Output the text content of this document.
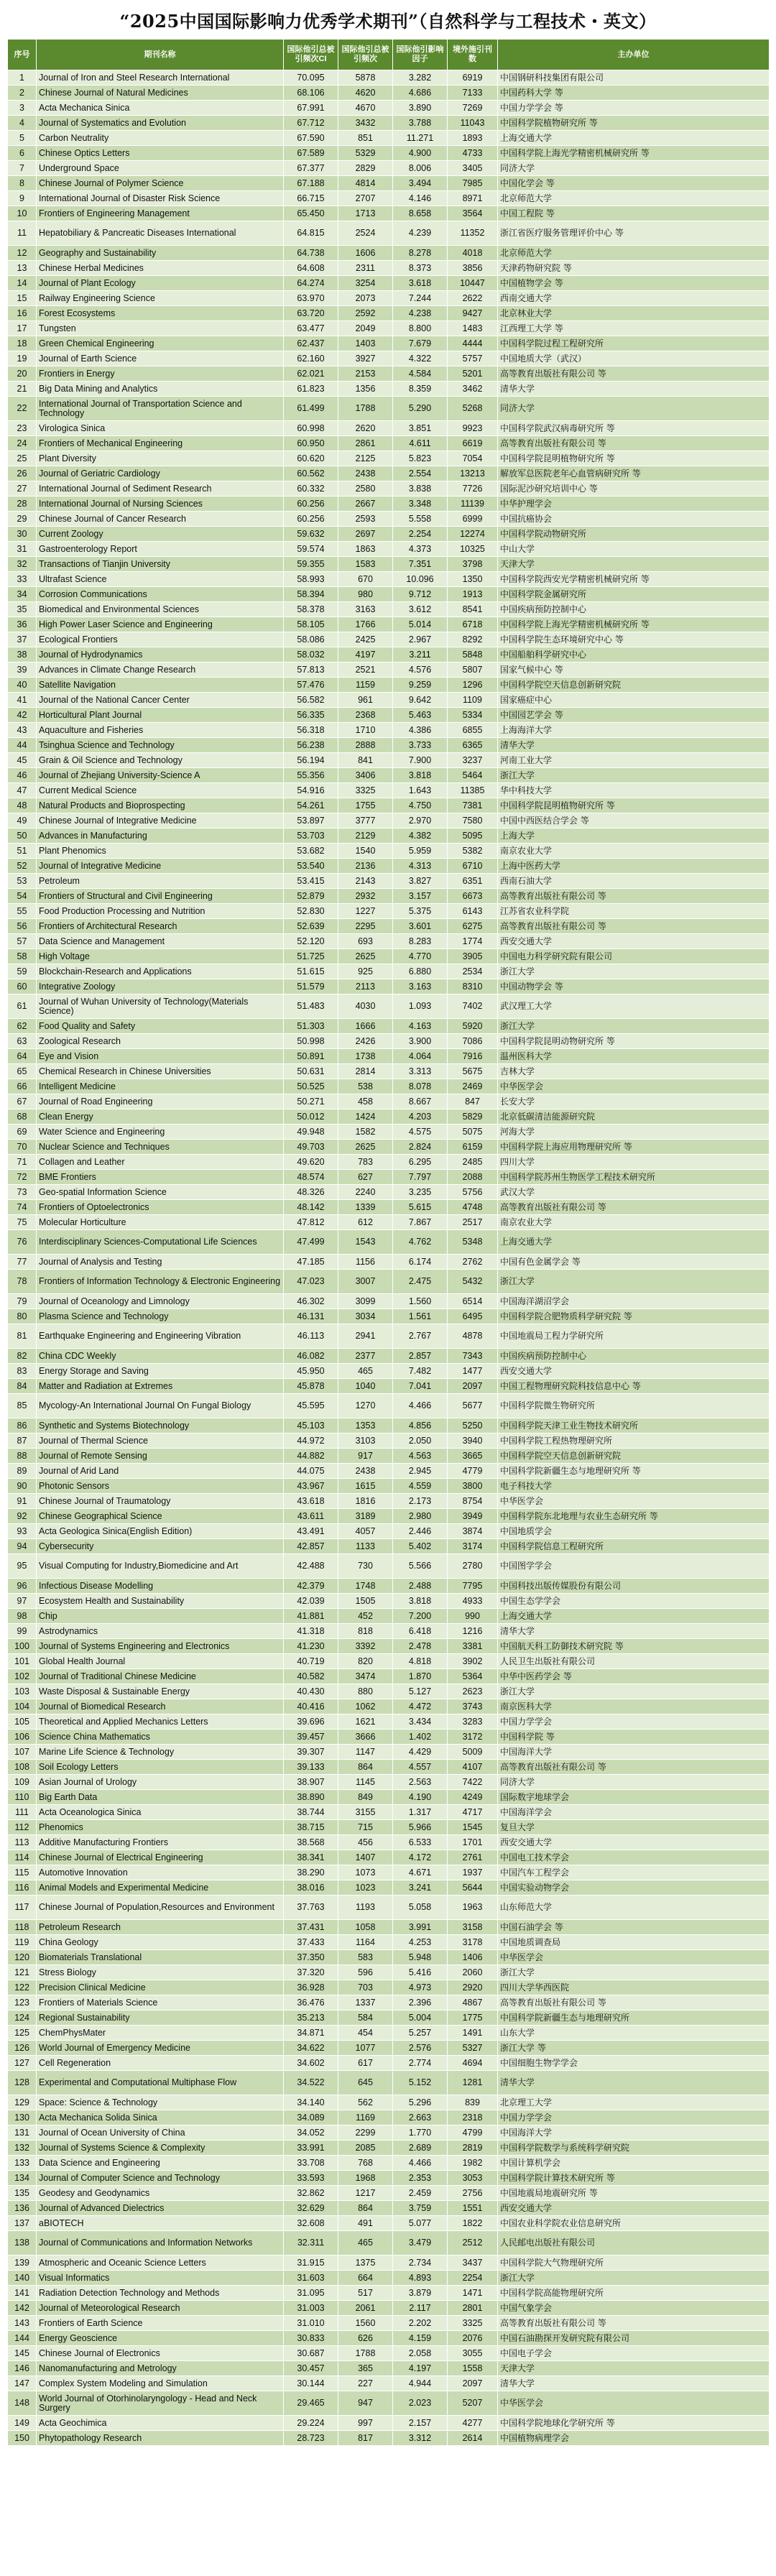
“2025中国国际影响力优秀学术期刊”（自然科学与工程技术・英文）
序号	期刊名称	国际他引总被引频次CI	国际他引总被引频次	国际他引影响因子	境外施引刊数	主办单位
1	Journal of Iron and Steel Research International	70.095	5878	3.282	6919	中国钢研科技集团有限公司
2	Chinese Journal of Natural Medicines	68.106	4620	4.686	7133	中国药科大学 等
3	Acta Mechanica Sinica	67.991	4670	3.890	7269	中国力学学会 等
4	Journal of Systematics and Evolution	67.712	3432	3.788	11043	中国科学院植物研究所 等
5	Carbon Neutrality	67.590	851	11.271	1893	上海交通大学
6	Chinese Optics Letters	67.589	5329	4.900	4733	中国科学院上海光学精密机械研究所 等
7	Underground Space	67.377	2829	8.006	3405	同济大学
8	Chinese Journal of Polymer Science	67.188	4814	3.494	7985	中国化学会 等
9	International Journal of Disaster Risk Science	66.715	2707	4.146	8971	北京师范大学
10	Frontiers of Engineering Management	65.450	1713	8.658	3564	中国工程院 等
11	Hepatobiliary & Pancreatic Diseases International	64.815	2524	4.239	11352	浙江省医疗服务管理评价中心 等
12	Geography and Sustainability	64.738	1606	8.278	4018	北京师范大学
13	Chinese Herbal Medicines	64.608	2311	8.373	3856	天津药物研究院 等
14	Journal of Plant Ecology	64.274	3254	3.618	10447	中国植物学会 等
15	Railway Engineering Science	63.970	2073	7.244	2622	西南交通大学
16	Forest Ecosystems	63.720	2592	4.238	9427	北京林业大学
17	Tungsten	63.477	2049	8.800	1483	江西理工大学 等
18	Green Chemical Engineering	62.437	1403	7.679	4444	中国科学院过程工程研究所
19	Journal of Earth Science	62.160	3927	4.322	5757	中国地质大学（武汉）
20	Frontiers in Energy	62.021	2153	4.584	5201	高等教育出版社有限公司 等
21	Big Data Mining and Analytics	61.823	1356	8.359	3462	清华大学
22	International Journal of Transportation Science and Technology	61.499	1788	5.290	5268	同济大学
23	Virologica Sinica	60.998	2620	3.851	9923	中国科学院武汉病毒研究所 等
24	Frontiers of Mechanical Engineering	60.950	2861	4.611	6619	高等教育出版社有限公司 等
25	Plant Diversity	60.620	2125	5.823	7054	中国科学院昆明植物研究所 等
26	Journal of Geriatric Cardiology	60.562	2438	2.554	13213	解放军总医院老年心血管病研究所 等
27	International Journal of Sediment Research	60.332	2580	3.838	7726	国际泥沙研究培训中心 等
28	International Journal of Nursing Sciences	60.256	2667	3.348	11139	中华护理学会
29	Chinese Journal of Cancer Research	60.256	2593	5.558	6999	中国抗癌协会
30	Current Zoology	59.632	2697	2.254	12274	中国科学院动物研究所
31	Gastroenterology Report	59.574	1863	4.373	10325	中山大学
32	Transactions of Tianjin University	59.355	1583	7.351	3798	天津大学
33	Ultrafast Science	58.993	670	10.096	1350	中国科学院西安光学精密机械研究所 等
34	Corrosion Communications	58.394	980	9.712	1913	中国科学院金属研究所
35	Biomedical and Environmental Sciences	58.378	3163	3.612	8541	中国疾病预防控制中心
36	High Power Laser Science and Engineering	58.105	1766	5.014	6718	中国科学院上海光学精密机械研究所 等
37	Ecological Frontiers	58.086	2425	2.967	8292	中国科学院生态环境研究中心 等
38	Journal of Hydrodynamics	58.032	4197	3.211	5848	中国船舶科学研究中心
39	Advances in Climate Change Research	57.813	2521	4.576	5807	国家气候中心 等
40	Satellite Navigation	57.476	1159	9.259	1296	中国科学院空天信息创新研究院
41	Journal of the National Cancer Center	56.582	961	9.642	1109	国家癌症中心
42	Horticultural Plant Journal	56.335	2368	5.463	5334	中国园艺学会 等
43	Aquaculture and Fisheries	56.318	1710	4.386	6855	上海海洋大学
44	Tsinghua Science and Technology	56.238	2888	3.733	6365	清华大学
45	Grain & Oil Science and Technology	56.194	841	7.900	3237	河南工业大学
46	Journal of Zhejiang University-Science A	55.356	3406	3.818	5464	浙江大学
47	Current Medical Science	54.916	3325	1.643	11385	华中科技大学
48	Natural Products and Bioprospecting	54.261	1755	4.750	7381	中国科学院昆明植物研究所 等
49	Chinese Journal of Integrative Medicine	53.897	3777	2.970	7580	中国中西医结合学会 等
50	Advances in Manufacturing	53.703	2129	4.382	5095	上海大学
51	Plant Phenomics	53.682	1540	5.959	5382	南京农业大学
52	Journal of Integrative Medicine	53.540	2136	4.313	6710	上海中医药大学
53	Petroleum	53.415	2143	3.827	6351	西南石油大学
54	Frontiers of Structural and Civil Engineering	52.879	2932	3.157	6673	高等教育出版社有限公司 等
55	Food Production Processing and Nutrition	52.830	1227	5.375	6143	江苏省农业科学院
56	Frontiers of Architectural Research	52.639	2295	3.601	6275	高等教育出版社有限公司 等
57	Data Science and Management	52.120	693	8.283	1774	西安交通大学
58	High Voltage	51.725	2625	4.770	3905	中国电力科学研究院有限公司
59	Blockchain-Research and Applications	51.615	925	6.880	2534	浙江大学
60	Integrative Zoology	51.579	2113	3.163	8310	中国动物学会 等
61	Journal of Wuhan University of Technology(Materials Science)	51.483	4030	1.093	7402	武汉理工大学
62	Food Quality and Safety	51.303	1666	4.163	5920	浙江大学
63	Zoological Research	50.998	2426	3.900	7086	中国科学院昆明动物研究所 等
64	Eye and Vision	50.891	1738	4.064	7916	温州医科大学
65	Chemical Research in Chinese Universities	50.631	2814	3.313	5675	吉林大学
66	Intelligent Medicine	50.525	538	8.078	2469	中华医学会
67	Journal of Road Engineering	50.271	458	8.667	847	长安大学
68	Clean Energy	50.012	1424	4.203	5829	北京低碳清洁能源研究院
69	Water Science and Engineering	49.948	1582	4.575	5075	河海大学
70	Nuclear Science and Techniques	49.703	2625	2.824	6159	中国科学院上海应用物理研究所 等
71	Collagen and Leather	49.620	783	6.295	2485	四川大学
72	BME Frontiers	48.574	627	7.797	2088	中国科学院苏州生物医学工程技术研究所
73	Geo-spatial Information Science	48.326	2240	3.235	5756	武汉大学
74	Frontiers of Optoelectronics	48.142	1339	5.615	4748	高等教育出版社有限公司 等
75	Molecular Horticulture	47.812	612	7.867	2517	南京农业大学
76	Interdisciplinary Sciences-Computational Life Sciences	47.499	1543	4.762	5348	上海交通大学
77	Journal of Analysis and Testing	47.185	1156	6.174	2762	中国有色金属学会 等
78	Frontiers of Information Technology & Electronic Engineering	47.023	3007	2.475	5432	浙江大学
79	Journal of Oceanology and Limnology	46.302	3099	1.560	6514	中国海洋湖沼学会
80	Plasma Science and Technology	46.131	3034	1.561	6495	中国科学院合肥物质科学研究院 等
81	Earthquake Engineering and Engineering Vibration	46.113	2941	2.767	4878	中国地震局工程力学研究所
82	China CDC Weekly	46.082	2377	2.857	7343	中国疾病预防控制中心
83	Energy Storage and Saving	45.950	465	7.482	1477	西安交通大学
84	Matter and Radiation at Extremes	45.878	1040	7.041	2097	中国工程物理研究院科技信息中心 等
85	Mycology-An International Journal On Fungal Biology	45.595	1270	4.466	5677	中国科学院微生物研究所
86	Synthetic and Systems Biotechnology	45.103	1353	4.856	5250	中国科学院天津工业生物技术研究所
87	Journal of Thermal Science	44.972	3103	2.050	3940	中国科学院工程热物理研究所
88	Journal of Remote Sensing	44.882	917	4.563	3665	中国科学院空天信息创新研究院
89	Journal of Arid Land	44.075	2438	2.945	4779	中国科学院新疆生态与地理研究所 等
90	Photonic Sensors	43.967	1615	4.559	3800	电子科技大学
91	Chinese Journal of Traumatology	43.618	1816	2.173	8754	中华医学会
92	Chinese Geographical Science	43.611	3189	2.980	3949	中国科学院东北地理与农业生态研究所 等
93	Acta Geologica Sinica(English Edition)	43.491	4057	2.446	3874	中国地质学会
94	Cybersecurity	42.857	1133	5.402	3174	中国科学院信息工程研究所
95	Visual Computing for Industry,Biomedicine and Art	42.488	730	5.566	2780	中国图学学会
96	Infectious Disease Modelling	42.379	1748	2.488	7795	中国科技出版传媒股份有限公司
97	Ecosystem Health and Sustainability	42.039	1505	3.818	4933	中国生态学学会
98	Chip	41.881	452	7.200	990	上海交通大学
99	Astrodynamics	41.318	818	6.418	1216	清华大学
100	Journal of Systems Engineering and Electronics	41.230	3392	2.478	3381	中国航天科工防御技术研究院 等
101	Global Health Journal	40.719	820	4.818	3902	人民卫生出版社有限公司
102	Journal of Traditional Chinese Medicine	40.582	3474	1.870	5364	中华中医药学会 等
103	Waste Disposal & Sustainable Energy	40.430	880	5.127	2623	浙江大学
104	Journal of Biomedical Research	40.416	1062	4.472	3743	南京医科大学
105	Theoretical and Applied Mechanics Letters	39.696	1621	3.434	3283	中国力学学会
106	Science China Mathematics	39.457	3666	1.402	3172	中国科学院 等
107	Marine Life Science & Technology	39.307	1147	4.429	5009	中国海洋大学
108	Soil Ecology Letters	39.133	864	4.557	4107	高等教育出版社有限公司 等
109	Asian Journal of Urology	38.907	1145	2.563	7422	同济大学
110	Big Earth Data	38.890	849	4.190	4249	国际数字地球学会
111	Acta Oceanologica Sinica	38.744	3155	1.317	4717	中国海洋学会
112	Phenomics	38.715	715	5.966	1545	复旦大学
113	Additive Manufacturing Frontiers	38.568	456	6.533	1701	西安交通大学
114	Chinese Journal of Electrical Engineering	38.341	1407	4.172	2761	中国电工技术学会
115	Automotive Innovation	38.290	1073	4.671	1937	中国汽车工程学会
116	Animal Models and Experimental Medicine	38.016	1023	3.241	5644	中国实验动物学会
117	Chinese Journal of Population,Resources and Environment	37.763	1193	5.058	1963	山东师范大学
118	Petroleum Research	37.431	1058	3.991	3158	中国石油学会 等
119	China Geology	37.433	1164	4.253	3178	中国地质调查局
120	Biomaterials Translational	37.350	583	5.948	1406	中华医学会
121	Stress Biology	37.320	596	5.416	2060	浙江大学
122	Precision Clinical Medicine	36.928	703	4.973	2920	四川大学华西医院
123	Frontiers of Materials Science	36.476	1337	2.396	4867	高等教育出版社有限公司 等
124	Regional Sustainability	35.213	584	5.004	1775	中国科学院新疆生态与地理研究所
125	ChemPhysMater	34.871	454	5.257	1491	山东大学
126	World Journal of Emergency Medicine	34.622	1077	2.576	5327	浙江大学 等
127	Cell Regeneration	34.602	617	2.774	4694	中国细胞生物学学会
128	Experimental and Computational Multiphase Flow	34.522	645	5.152	1281	清华大学
129	Space: Science & Technology	34.140	562	5.296	839	北京理工大学
130	Acta Mechanica Solida Sinica	34.089	1169	2.663	2318	中国力学学会
131	Journal of Ocean University of China	34.052	2299	1.770	4799	中国海洋大学
132	Journal of Systems Science & Complexity	33.991	2085	2.689	2819	中国科学院数学与系统科学研究院
133	Data Science and Engineering	33.708	768	4.466	1982	中国计算机学会
134	Journal of Computer Science and Technology	33.593	1968	2.353	3053	中国科学院计算技术研究所 等
135	Geodesy and Geodynamics	32.862	1217	2.459	2756	中国地震局地震研究所 等
136	Journal of Advanced Dielectrics	32.629	864	3.759	1551	西安交通大学
137	aBIOTECH	32.608	491	5.077	1822	中国农业科学院农业信息研究所
138	Journal of Communications and Information Networks	32.311	465	3.479	2512	人民邮电出版社有限公司
139	Atmospheric and Oceanic Science Letters	31.915	1375	2.734	3437	中国科学院大气物理研究所
140	Visual Informatics	31.603	664	4.893	2254	浙江大学
141	Radiation Detection Technology and Methods	31.095	517	3.879	1471	中国科学院高能物理研究所
142	Journal of Meteorological Research	31.003	2061	2.117	2801	中国气象学会
143	Frontiers of Earth Science	31.010	1560	2.202	3325	高等教育出版社有限公司 等
144	Energy Geoscience	30.833	626	4.159	2076	中国石油勘探开发研究院有限公司
145	Chinese Journal of Electronics	30.687	1788	2.058	3055	中国电子学会
146	Nanomanufacturing and Metrology	30.457	365	4.197	1558	天津大学
147	Complex System Modeling and Simulation	30.144	227	4.944	2097	清华大学
148	World Journal of Otorhinolaryngology - Head and Neck Surgery	29.465	947	2.023	5207	中华医学会
149	Acta Geochimica	29.224	997	2.157	4277	中国科学院地球化学研究所 等
150	Phytopathology Research	28.723	817	3.312	2614	中国植物病理学会
